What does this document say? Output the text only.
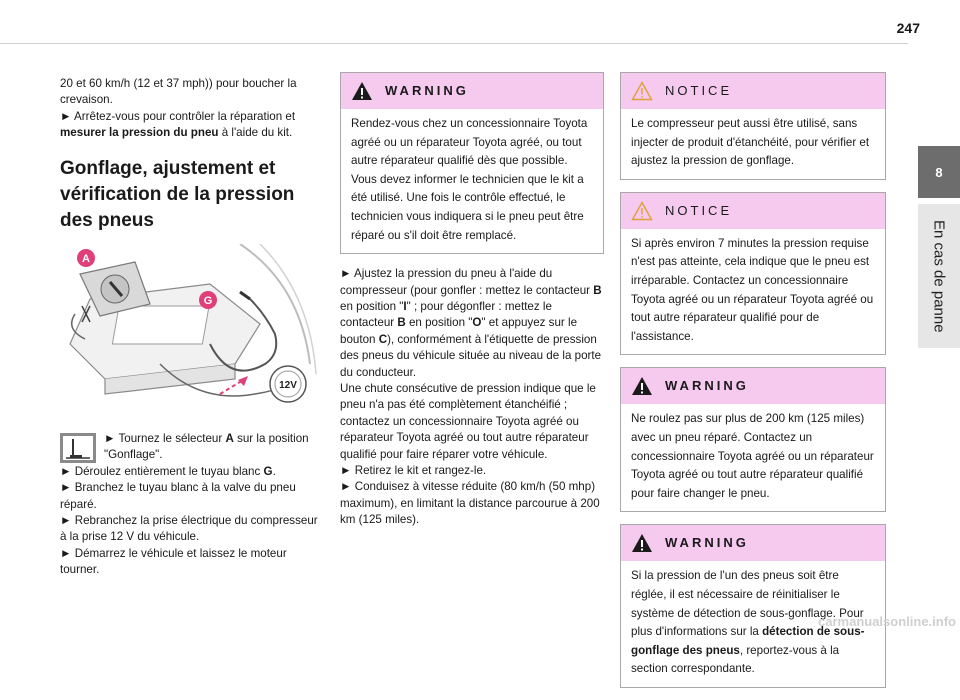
247
8
En cas de panne

20 et 60 km/h (12 et 37 mph)) pour boucher la crevaison.

► Arrêtez-vous pour contrôler la réparation et mesurer la pression du pneu à l'aide du kit.

Gonflage, ajustement et vérification de la pression des pneus
12V
A
G

► Tournez le sélecteur A sur la position "Gonflage".

► Déroulez entièrement le tuyau blanc G.

► Branchez le tuyau blanc à la valve du pneu réparé.

► Rebranchez la prise électrique du compresseur à la prise 12 V du véhicule.

► Démarrez le véhicule et laissez le moteur tourner.

WARNING
Rendez-vous chez un concessionnaire Toyota agréé ou un réparateur Toyota agréé, ou tout autre réparateur qualifié dès que possible. Vous devez informer le technicien que le kit a été utilisé. Une fois le contrôle effectué, le technicien vous indiquera si le pneu peut être réparé ou s'il doit être remplacé.

► Ajustez la pression du pneu à l'aide du compresseur (pour gonfler : mettez le contacteur B en position "I" ; pour dégonfler : mettez le contacteur B en position "O" et appuyez sur le bouton C), conformément à l'étiquette de pression des pneus du véhicule située au niveau de la porte du conducteur.

Une chute consécutive de pression indique que le pneu n'a pas été complètement étanchéifié ; contactez un concessionnaire Toyota agréé ou réparateur Toyota agréé ou tout autre réparateur qualifié pour faire réparer votre véhicule.

► Retirez le kit et rangez-le.

► Conduisez à vitesse réduite (80 km/h (50 mhp) maximum), en limitant la distance parcourue à 200 km (125 miles).

NOTICE
Le compresseur peut aussi être utilisé, sans injecter de produit d'étanchéité, pour vérifier et ajustez la pression de gonflage.
NOTICE
Si après environ 7 minutes la pression requise n'est pas atteinte, cela indique que le pneu est irréparable. Contactez un concessionnaire Toyota agréé ou un réparateur Toyota agréé ou tout autre réparateur qualifié pour de l'assistance.
WARNING
Ne roulez pas sur plus de 200 km (125 miles) avec un pneu réparé. Contactez un concessionnaire Toyota agréé ou un réparateur Toyota agréé ou tout autre réparateur qualifié pour faire changer le pneu.
WARNING
Si la pression de l'un des pneus soit être réglée, il est nécessaire de réinitialiser le système de détection de sous-gonflage. Pour plus d'informations sur la détection de sous-gonflage des pneus, reportez-vous à la section correspondante.
carmanualsonline.info
